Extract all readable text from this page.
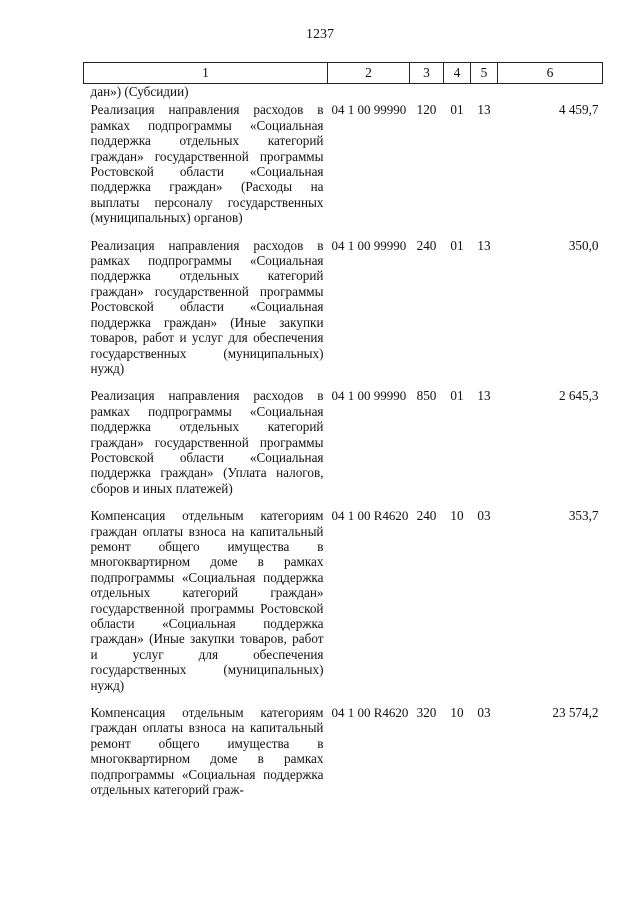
1237
1	2	3	4	5	6
дан») (Субсидии)					
Реализация направления расходов в рамках подпрограммы «Социальная поддержка отдельных категорий граждан» государственной программы Ростовской области «Социальная поддержка граждан» (Расходы на выплаты персоналу государственных (муниципальных) органов)	04 1 00 99990	120	01	13	4 459,7
Реализация направления расходов в рамках подпрограммы «Социальная поддержка отдельных категорий граждан» государственной программы Ростовской области «Социальная поддержка граждан» (Иные закупки товаров, работ и услуг для обеспечения государственных (муниципальных) нужд)	04 1 00 99990	240	01	13	350,0
Реализация направления расходов в рамках подпрограммы «Социальная поддержка отдельных категорий граждан» государственной программы Ростовской области «Социальная поддержка граждан» (Уплата налогов, сборов и иных платежей)	04 1 00 99990	850	01	13	2 645,3
Компенсация отдельным категориям граждан оплаты взноса на капитальный ремонт общего имущества в многоквартирном доме в рамках подпрограммы «Социальная поддержка отдельных категорий граждан» государственной программы Ростовской области «Социальная поддержка граждан» (Иные закупки товаров, работ и услуг для обеспечения государственных (муниципальных) нужд)	04 1 00 R4620	240	10	03	353,7
Компенсация отдельным категориям граждан оплаты взноса на капитальный ремонт общего имущества в многоквартирном доме в рамках подпрограммы «Социальная поддержка отдельных категорий граж-	04 1 00 R4620	320	10	03	23 574,2
